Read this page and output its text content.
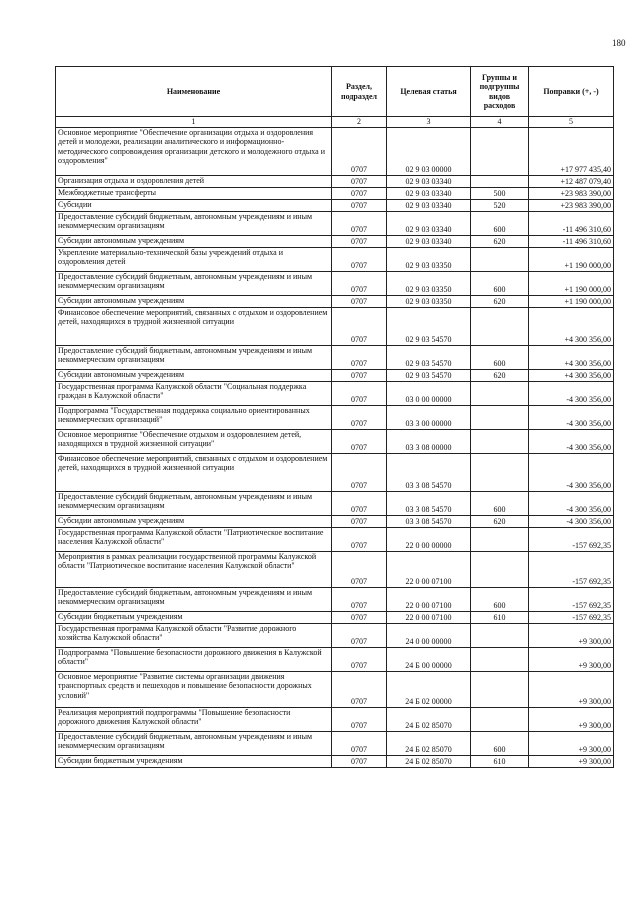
180
Наименование	Раздел, подраздел	Целевая статья	Группы и подгруппы видов расходов	Поправки (+, -)
1	2	3	4	5
Основное мероприятие "Обеспечение организации отдыха и оздоровления детей и молодежи, реализации аналитического и информационно-методического сопровождения организации детского и молодежного отдыха и оздоровления"	0707	02 9 03 00000		+17 977 435,40
Организация отдыха и оздоровления детей	0707	02 9 03 03340		+12 487 079,40
Межбюджетные трансферты	0707	02 9 03 03340	500	+23 983 390,00
Субсидии	0707	02 9 03 03340	520	+23 983 390,00
Предоставление субсидий бюджетным, автономным учреждениям и иным некоммерческим организациям	0707	02 9 03 03340	600	-11 496 310,60
Субсидии автономным учреждениям	0707	02 9 03 03340	620	-11 496 310,60
Укрепление материально-технической базы учреждений отдыха и оздоровления детей	0707	02 9 03 03350		+1 190 000,00
Предоставление субсидий бюджетным, автономным учреждениям и иным некоммерческим организациям	0707	02 9 03 03350	600	+1 190 000,00
Субсидии автономным учреждениям	0707	02 9 03 03350	620	+1 190 000,00
Финансовое обеспечение мероприятий, связанных с отдыхом и оздоровлением детей, находящихся в трудной жизненной ситуации	0707	02 9 03 54570		+4 300 356,00
Предоставление субсидий бюджетным, автономным учреждениям и иным некоммерческим организациям	0707	02 9 03 54570	600	+4 300 356,00
Субсидии автономным учреждениям	0707	02 9 03 54570	620	+4 300 356,00
Государственная программа Калужской области "Социальная поддержка граждан в Калужской области"	0707	03 0 00 00000		-4 300 356,00
Подпрограмма "Государственная поддержка социально ориентированных некоммерческих организаций"	0707	03 3 00 00000		-4 300 356,00
Основное мероприятие "Обеспечение отдыхом и оздоровлением детей, находящихся в трудной жизненной ситуации"	0707	03 3 08 00000		-4 300 356,00
Финансовое обеспечение мероприятий, связанных с отдыхом и оздоровлением детей, находящихся в трудной жизненной ситуации	0707	03 3 08 54570		-4 300 356,00
Предоставление субсидий бюджетным, автономным учреждениям и иным некоммерческим организациям	0707	03 3 08 54570	600	-4 300 356,00
Субсидии автономным учреждениям	0707	03 3 08 54570	620	-4 300 356,00
Государственная программа Калужской области "Патриотическое воспитание населения Калужской области"	0707	22 0 00 00000		-157 692,35
Мероприятия в рамках реализации государственной программы Калужской области "Патриотическое воспитание населения Калужской области"	0707	22 0 00 07100		-157 692,35
Предоставление субсидий бюджетным, автономным учреждениям и иным некоммерческим организациям	0707	22 0 00 07100	600	-157 692,35
Субсидии бюджетным учреждениям	0707	22 0 00 07100	610	-157 692,35
Государственная программа Калужской области "Развитие дорожного хозяйства Калужской области"	0707	24 0 00 00000		+9 300,00
Подпрограмма "Повышение безопасности дорожного движения в Калужской области"	0707	24 Б 00 00000		+9 300,00
Основное мероприятие "Развитие системы организации движения транспортных средств и пешеходов и повышение безопасности дорожных условий"	0707	24 Б 02 00000		+9 300,00
Реализация мероприятий подпрограммы "Повышение безопасности дорожного движения Калужской области"	0707	24 Б 02 85070		+9 300,00
Предоставление субсидий бюджетным, автономным учреждениям и иным некоммерческим организациям	0707	24 Б 02 85070	600	+9 300,00
Субсидии бюджетным учреждениям	0707	24 Б 02 85070	610	+9 300,00
